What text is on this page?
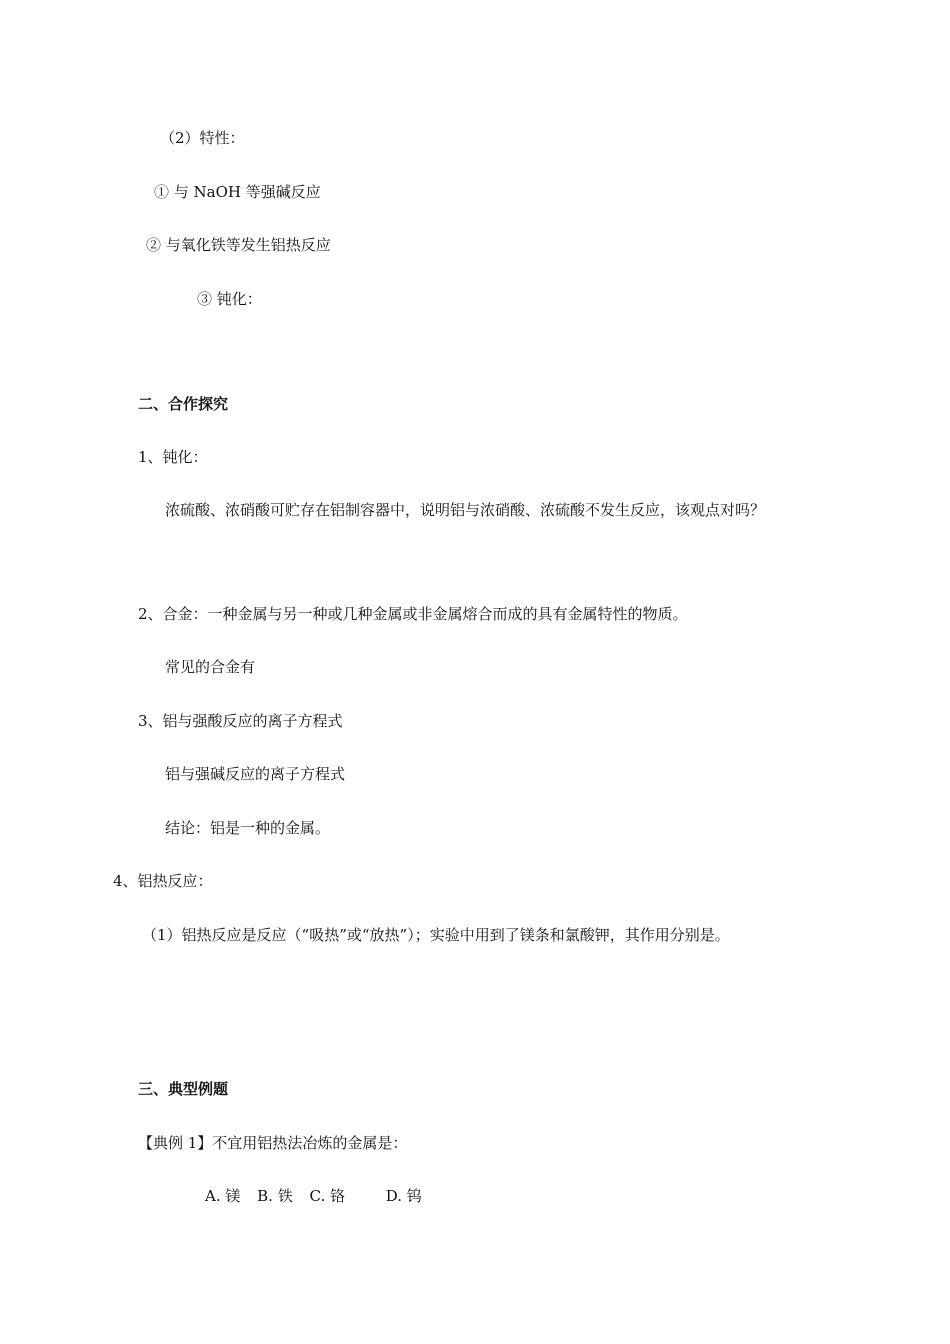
（2）特性：
① 与 NaOH 等强碱反应
② 与氧化铁等发生铝热反应
③ 钝化：
二、合作探究
1、钝化：
浓硫酸、浓硝酸可贮存在铝制容器中，说明铝与浓硝酸、浓硫酸不发生反应，该观点对吗？
2、合金：一种金属与另一种或几种金属或非金属熔合而成的具有金属特性的物质。
常见的合金有
3、铝与强酸反应的离子方程式
铝与强碱反应的离子方程式
结论：铝是一种的金属。
4、铝热反应：
（1）铝热反应是反应（“吸热”或“放热”）；实验中用到了镁条和氯酸钾，其作用分别是。
三、典型例题
【典例 1】不宜用铝热法冶炼的金属是：
A. 镁 B. 铁 C. 铬	D. 钨
